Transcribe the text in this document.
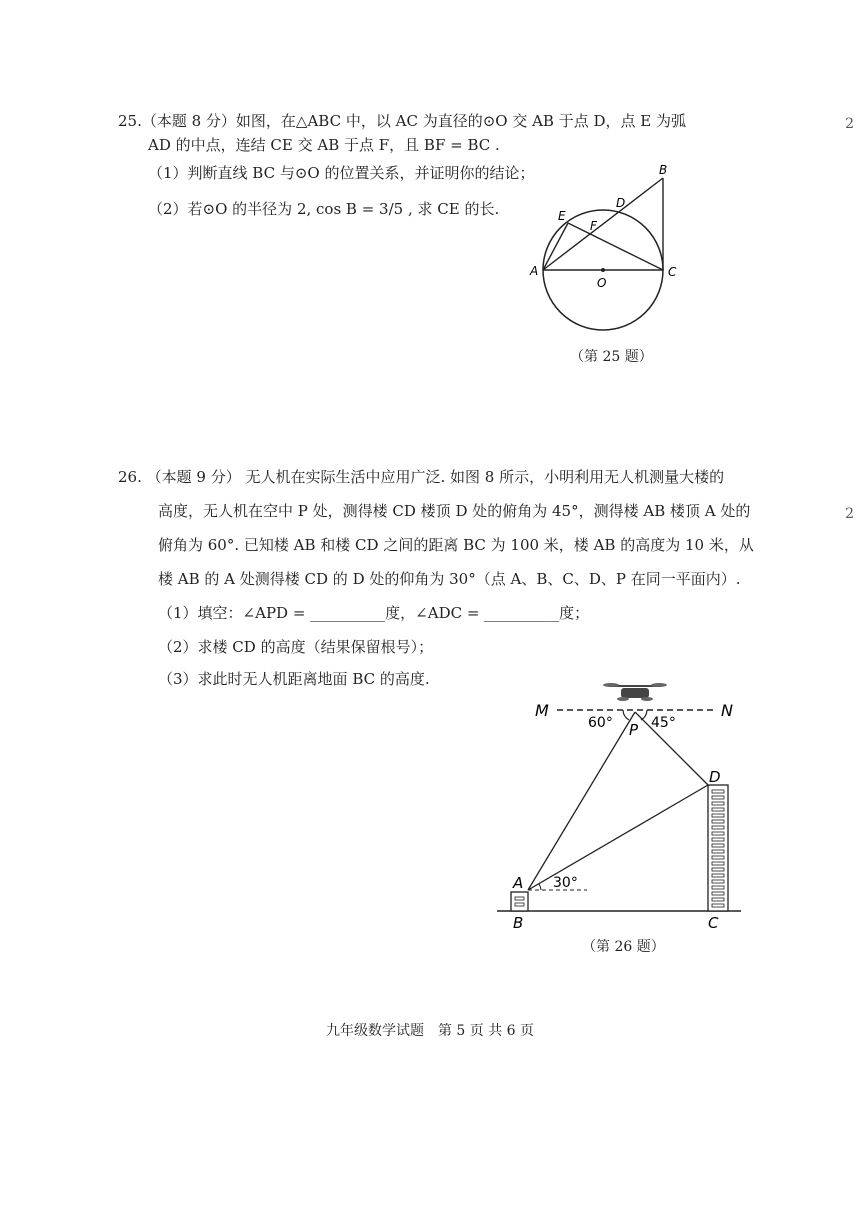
25.（本题 8 分）如图，在△ABC 中，以 AC 为直径的⊙O 交 AB 于点 D，点 E 为弧
AD 的中点，连结 CE 交 AB 于点 F，且 BF = BC .
（1）判断直线 BC 与⊙O 的位置关系，并证明你的结论；
（2）若⊙O 的半径为 2, cos B = 3/5 , 求 CE 的长.
B
D
E
F
A
O
C
（第 25 题）
26. （本题 9 分） 无人机在实际生活中应用广泛. 如图 8 所示，小明利用无人机测量大楼的
高度，无人机在空中 P 处，测得楼 CD 楼顶 D 处的俯角为 45°，测得楼 AB 楼顶 A 处的
俯角为 60°. 已知楼 AB 和楼 CD 之间的距离 BC 为 100 米，楼 AB 的高度为 10 米，从
楼 AB 的 A 处测得楼 CD 的 D 处的仰角为 30°（点 A、B、C、D、P 在同一平面内）.
（1）填空：∠APD = __________度，∠ADC = __________度；
（2）求楼 CD 的高度（结果保留根号）；
（3）求此时无人机距离地面 BC 的高度.
M	N
60°	45°
P
30°
A
B	C
D
（第 26 题）
九年级数学试题　第 5 页 共 6 页
2
2
